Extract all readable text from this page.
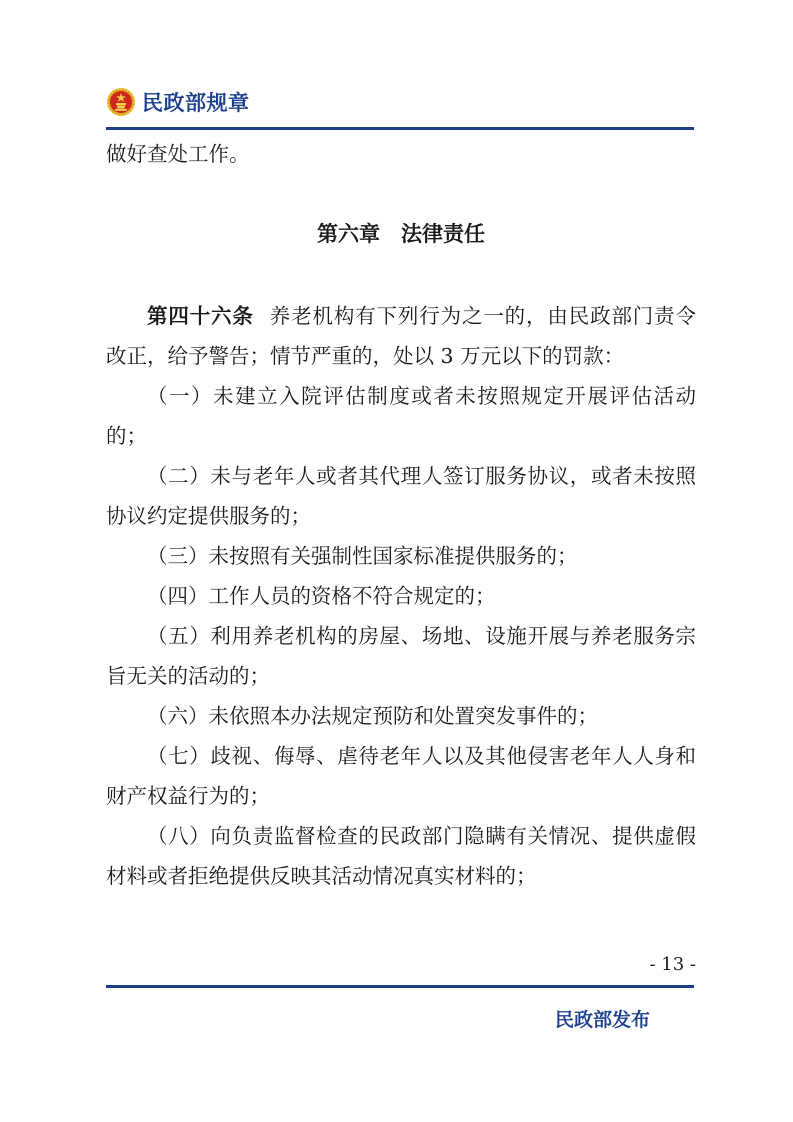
民政部规章
做好查处工作。
第六章　法律责任
第四十六条 养老机构有下列行为之一的，由民政部门责令
改正，给予警告；情节严重的，处以 3 万元以下的罚款：
（一）未建立入院评估制度或者未按照规定开展评估活动
的；
（二）未与老年人或者其代理人签订服务协议，或者未按照
协议约定提供服务的；
（三）未按照有关强制性国家标准提供服务的；
（四）工作人员的资格不符合规定的；
（五）利用养老机构的房屋、场地、设施开展与养老服务宗
旨无关的活动的；
（六）未依照本办法规定预防和处置突发事件的；
（七）歧视、侮辱、虐待老年人以及其他侵害老年人人身和
财产权益行为的；
（八）向负责监督检查的民政部门隐瞒有关情况、提供虚假
材料或者拒绝提供反映其活动情况真实材料的；
- 13 -
民政部发布
